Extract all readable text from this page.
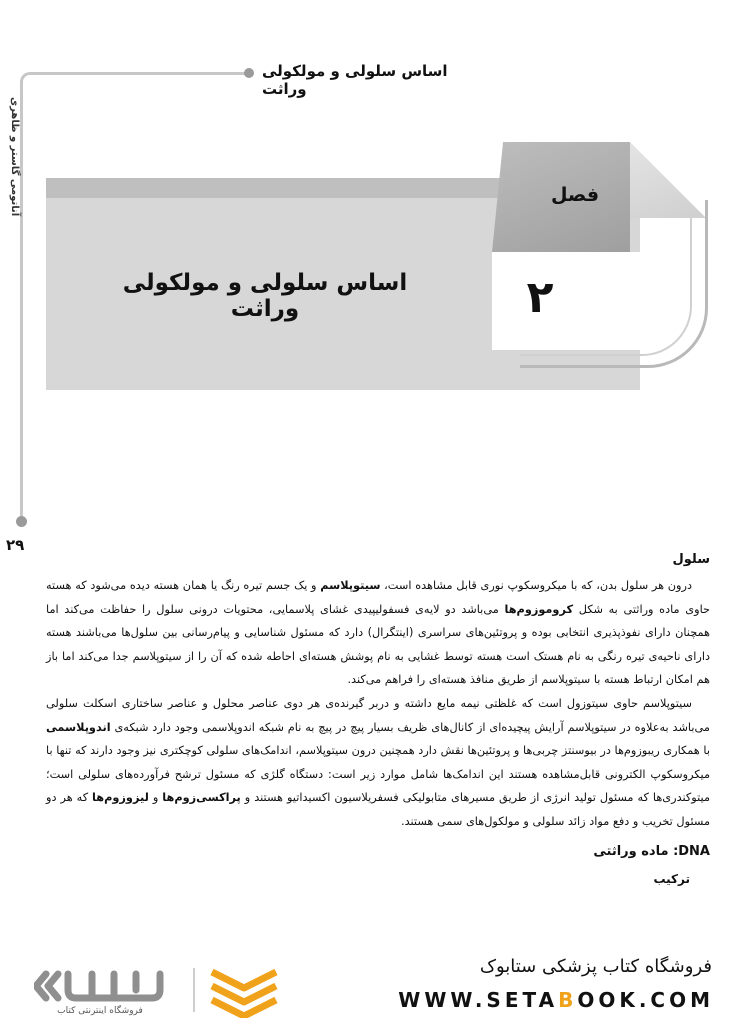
اساس سلولی و مولکولی وراثت
آناتومی گاستر و ظاهری
۲۹
فصل
۲
اساس سلولی و مولکولی وراثت
سلول

درون هر سلول بدن، که با میکروسکوپ نوری قابل مشاهده است، سیتوپلاسم و یک جسم تیره رنگ یا همان هسته دیده می‌شود که هسته حاوی ماده وراثتی به شکل کروموزوم‌ها می‌باشد دو لایه‌ی فسفولیپیدی غشای پلاسمایی، محتویات درونی سلول را حفاظت می‌کند اما همچنان دارای نفوذپذیری انتخابی بوده و پروتئین‌های سراسری (اینتگرال) دارد که مسئول شناسایی و پیام‌رسانی بین سلول‌ها می‌باشند هسته دارای ناحیه‌ی تیره رنگی به نام هستک است هسته توسط غشایی به نام پوشش هسته‌ای احاطه شده که آن را از سیتوپلاسم جدا می‌کند اما باز هم امکان ارتباط هسته با سیتوپلاسم از طریق منافذ هسته‌ای را فراهم می‌کند.

سیتوپلاسم حاوی سیتوزول است که غلظتی نیمه مایع داشته و دربر گیرنده‌ی هر دوی عناصر محلول و عناصر ساختاری اسکلت سلولی می‌باشد به‌علاوه در سیتوپلاسم آرایش پیچیده‌ای از کانال‌های ظریف بسیار پیچ در پیچ به نام شبکه اندوپلاسمی وجود دارد شبکه‌ی اندوپلاسمی با همکاری ریبوزوم‌ها در بیوسنتز چربی‌ها و پروتئین‌ها نقش دارد همچنین درون سیتوپلاسم، اندامک‌های سلولی کوچکتری نیز وجود دارند که تنها با میکروسکوپ الکترونی قابل‌مشاهده هستند این اندامک‌ها شامل موارد زیر است: دستگاه گلژی که مسئول ترشح فرآورده‌های سلولی است؛ میتوکندری‌ها که مسئول تولید انرژی از طریق مسیرهای متابولیکی فسفریلاسیون اکسیداتیو هستند و پراکسی‌زوم‌ها و لیزوزوم‌ها که هر دو مسئول تخریب و دفع مواد زائد سلولی و مولکول‌های سمی هستند.

DNA: ماده وراثتی
ترکیب
فروشگاه اینترنتی کتاب
فروشگاه کتاب پزشکی ستابوک
WWW.SETABOOK.COM
